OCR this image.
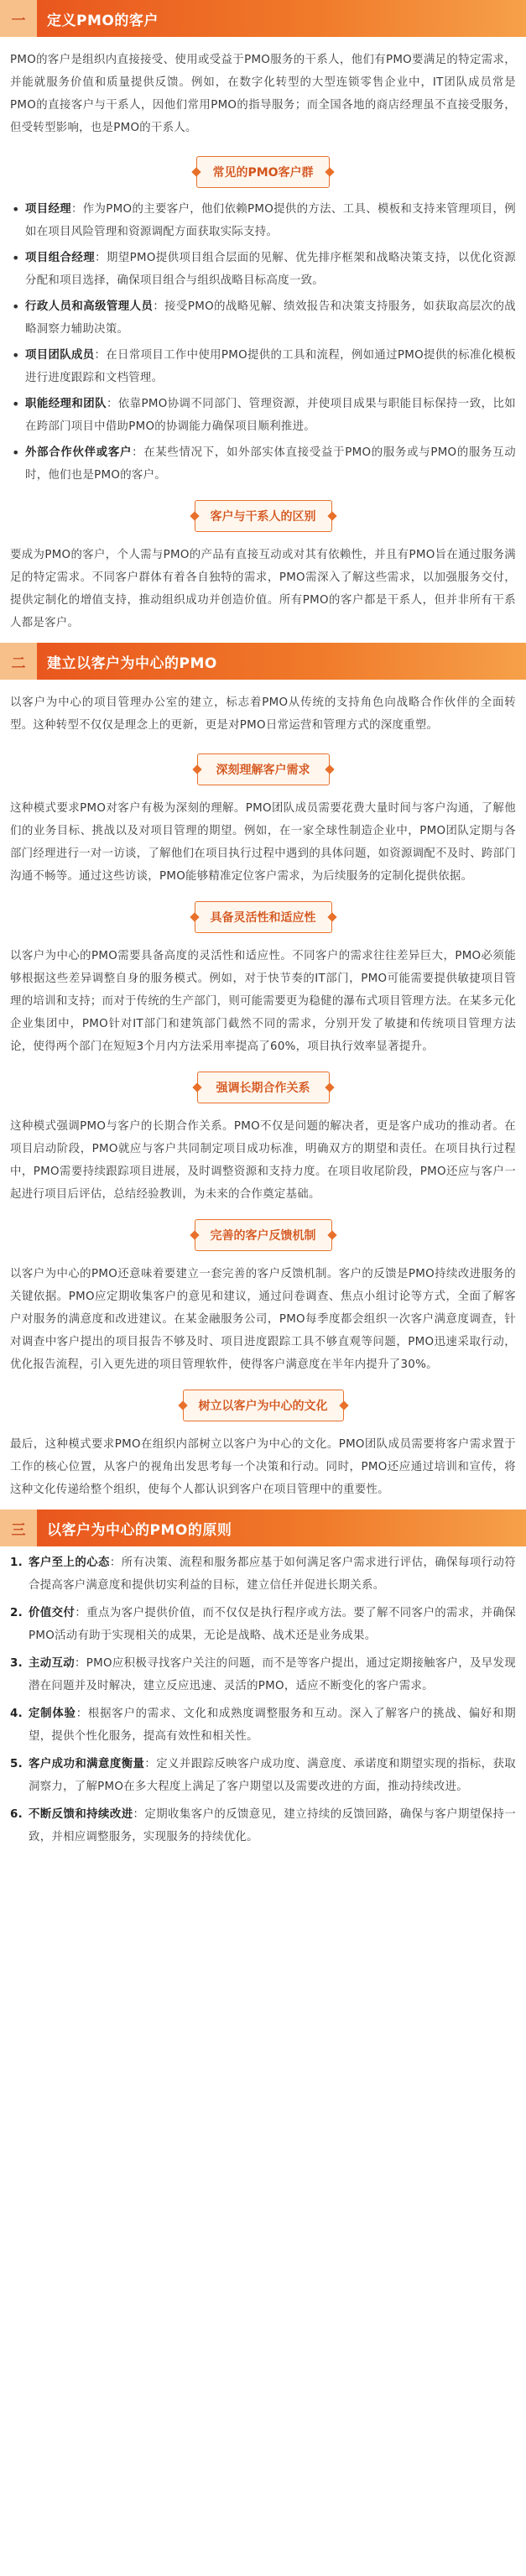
一	定义PMO的客户
PMO的客户是组织内直接接受、使用或受益于PMO服务的干系人，他们有PMO要满足的特定需求，并能就服务价值和质量提供反馈。例如，在数字化转型的大型连锁零售企业中，IT团队成员常是PMO的直接客户与干系人，因他们常用PMO的指导服务；而全国各地的商店经理虽不直接受服务，但受转型影响，也是PMO的干系人。
常见的PMO客户群
• 项目经理：作为PMO的主要客户，他们依赖PMO提供的方法、工具、模板和支持来管理项目，例如在项目风险管理和资源调配方面获取实际支持。
• 项目组合经理：期望PMO提供项目组合层面的见解、优先排序框架和战略决策支持，以优化资源分配和项目选择，确保项目组合与组织战略目标高度一致。
• 行政人员和高级管理人员：接受PMO的战略见解、绩效报告和决策支持服务，如获取高层次的战略洞察力辅助决策。
• 项目团队成员：在日常项目工作中使用PMO提供的工具和流程，例如通过PMO提供的标准化模板进行进度跟踪和文档管理。
• 职能经理和团队：依靠PMO协调不同部门、管理资源，并使项目成果与职能目标保持一致，比如在跨部门项目中借助PMO的协调能力确保项目顺利推进。
• 外部合作伙伴或客户：在某些情况下，如外部实体直接受益于PMO的服务或与PMO的服务互动时，他们也是PMO的客户。
客户与干系人的区别
要成为PMO的客户，个人需与PMO的产品有直接互动或对其有依赖性，并且有PMO旨在通过服务满足的特定需求。不同客户群体有着各自独特的需求，PMO需深入了解这些需求，以加强服务交付，提供定制化的增值支持，推动组织成功并创造价值。所有PMO的客户都是干系人，但并非所有干系人都是客户。
二	建立以客户为中心的PMO
以客户为中心的项目管理办公室的建立，标志着PMO从传统的支持角色向战略合作伙伴的全面转型。这种转型不仅仅是理念上的更新，更是对PMO日常运营和管理方式的深度重塑。
深刻理解客户需求
这种模式要求PMO对客户有极为深刻的理解。PMO团队成员需要花费大量时间与客户沟通，了解他们的业务目标、挑战以及对项目管理的期望。例如，在一家全球性制造企业中，PMO团队定期与各部门经理进行一对一访谈，了解他们在项目执行过程中遇到的具体问题，如资源调配不及时、跨部门沟通不畅等。通过这些访谈，PMO能够精准定位客户需求，为后续服务的定制化提供依据。
具备灵活性和适应性
以客户为中心的PMO需要具备高度的灵活性和适应性。不同客户的需求往往差异巨大，PMO必须能够根据这些差异调整自身的服务模式。例如，对于快节奏的IT部门，PMO可能需要提供敏捷项目管理的培训和支持；而对于传统的生产部门，则可能需要更为稳健的瀑布式项目管理方法。在某多元化企业集团中，PMO针对IT部门和建筑部门截然不同的需求，分别开发了敏捷和传统项目管理方法论，使得两个部门在短短3个月内方法采用率提高了60%，项目执行效率显著提升。
强调长期合作关系
这种模式强调PMO与客户的长期合作关系。PMO不仅是问题的解决者，更是客户成功的推动者。在项目启动阶段，PMO就应与客户共同制定项目成功标准，明确双方的期望和责任。在项目执行过程中，PMO需要持续跟踪项目进展，及时调整资源和支持力度。在项目收尾阶段，PMO还应与客户一起进行项目后评估，总结经验教训，为未来的合作奠定基础。
完善的客户反馈机制
以客户为中心的PMO还意味着要建立一套完善的客户反馈机制。客户的反馈是PMO持续改进服务的关键依据。PMO应定期收集客户的意见和建议，通过问卷调查、焦点小组讨论等方式，全面了解客户对服务的满意度和改进建议。在某金融服务公司，PMO每季度都会组织一次客户满意度调查，针对调查中客户提出的项目报告不够及时、项目进度跟踪工具不够直观等问题，PMO迅速采取行动，优化报告流程，引入更先进的项目管理软件，使得客户满意度在半年内提升了30%。
树立以客户为中心的文化
最后，这种模式要求PMO在组织内部树立以客户为中心的文化。PMO团队成员需要将客户需求置于工作的核心位置，从客户的视角出发思考每一个决策和行动。同时，PMO还应通过培训和宣传，将这种文化传递给整个组织，使每个人都认识到客户在项目管理中的重要性。
三	以客户为中心的PMO的原则
1. 客户至上的心态：所有决策、流程和服务都应基于如何满足客户需求进行评估，确保每项行动符合提高客户满意度和提供切实利益的目标，建立信任并促进长期关系。
2. 价值交付：重点为客户提供价值，而不仅仅是执行程序或方法。要了解不同客户的需求，并确保PMO活动有助于实现相关的成果，无论是战略、战术还是业务成果。
3. 主动互动：PMO应积极寻找客户关注的问题，而不是等客户提出，通过定期接触客户，及早发现潜在问题并及时解决，建立反应迅速、灵活的PMO，适应不断变化的客户需求。
4. 定制体验：根据客户的需求、文化和成熟度调整服务和互动。深入了解客户的挑战、偏好和期望，提供个性化服务，提高有效性和相关性。
5. 客户成功和满意度衡量：定义并跟踪反映客户成功度、满意度、承诺度和期望实现的指标，获取洞察力，了解PMO在多大程度上满足了客户期望以及需要改进的方面，推动持续改进。
6. 不断反馈和持续改进：定期收集客户的反馈意见，建立持续的反馈回路，确保与客户期望保持一致，并相应调整服务，实现服务的持续优化。
